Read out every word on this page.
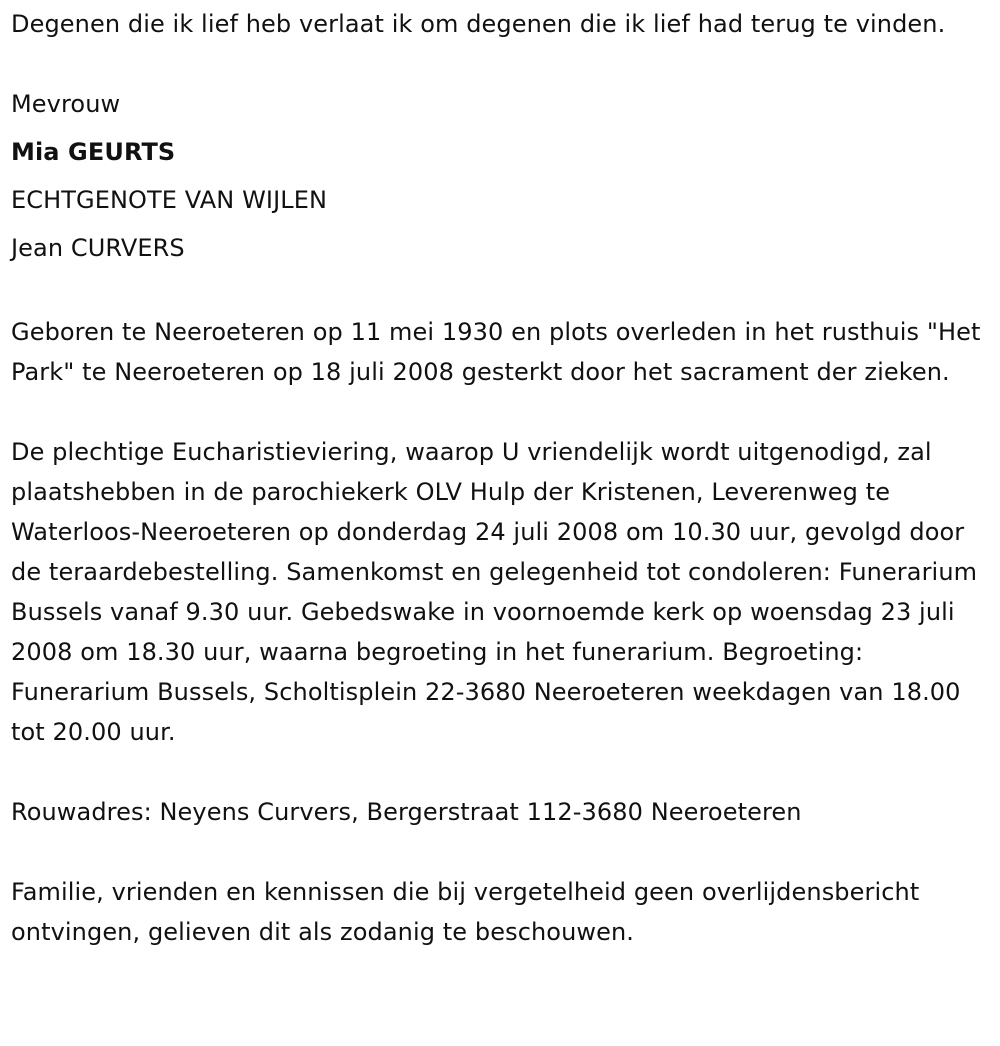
Degenen die ik lief heb verlaat ik om degenen die ik lief had terug te vinden.

Mevrouw

Mia GEURTS

ECHTGENOTE VAN WIJLEN

Jean CURVERS

Geboren te Neeroeteren op 11 mei 1930 en plots overleden in het rusthuis "Het Park" te Neeroeteren op 18 juli 2008 gesterkt door het sacrament der zieken.

De plechtige Eucharistieviering, waarop U vriendelijk wordt uitgenodigd, zal plaatshebben in de parochiekerk OLV Hulp der Kristenen, Leverenweg te Waterloos-Neeroeteren op donderdag 24 juli 2008 om 10.30 uur, gevolgd door de teraardebestelling. Samenkomst en gelegenheid tot condoleren: Funerarium Bussels vanaf 9.30 uur. Gebedswake in voornoemde kerk op woensdag 23 juli 2008 om 18.30 uur, waarna begroeting in het funerarium. Begroeting: Funerarium Bussels, Scholtisplein 22-3680 Neeroeteren weekdagen van 18.00 tot 20.00 uur.

Rouwadres: Neyens Curvers, Bergerstraat 112-3680 Neeroeteren

Familie, vrienden en kennissen die bij vergetelheid geen overlijdensbericht ontvingen, gelieven dit als zodanig te beschouwen.
